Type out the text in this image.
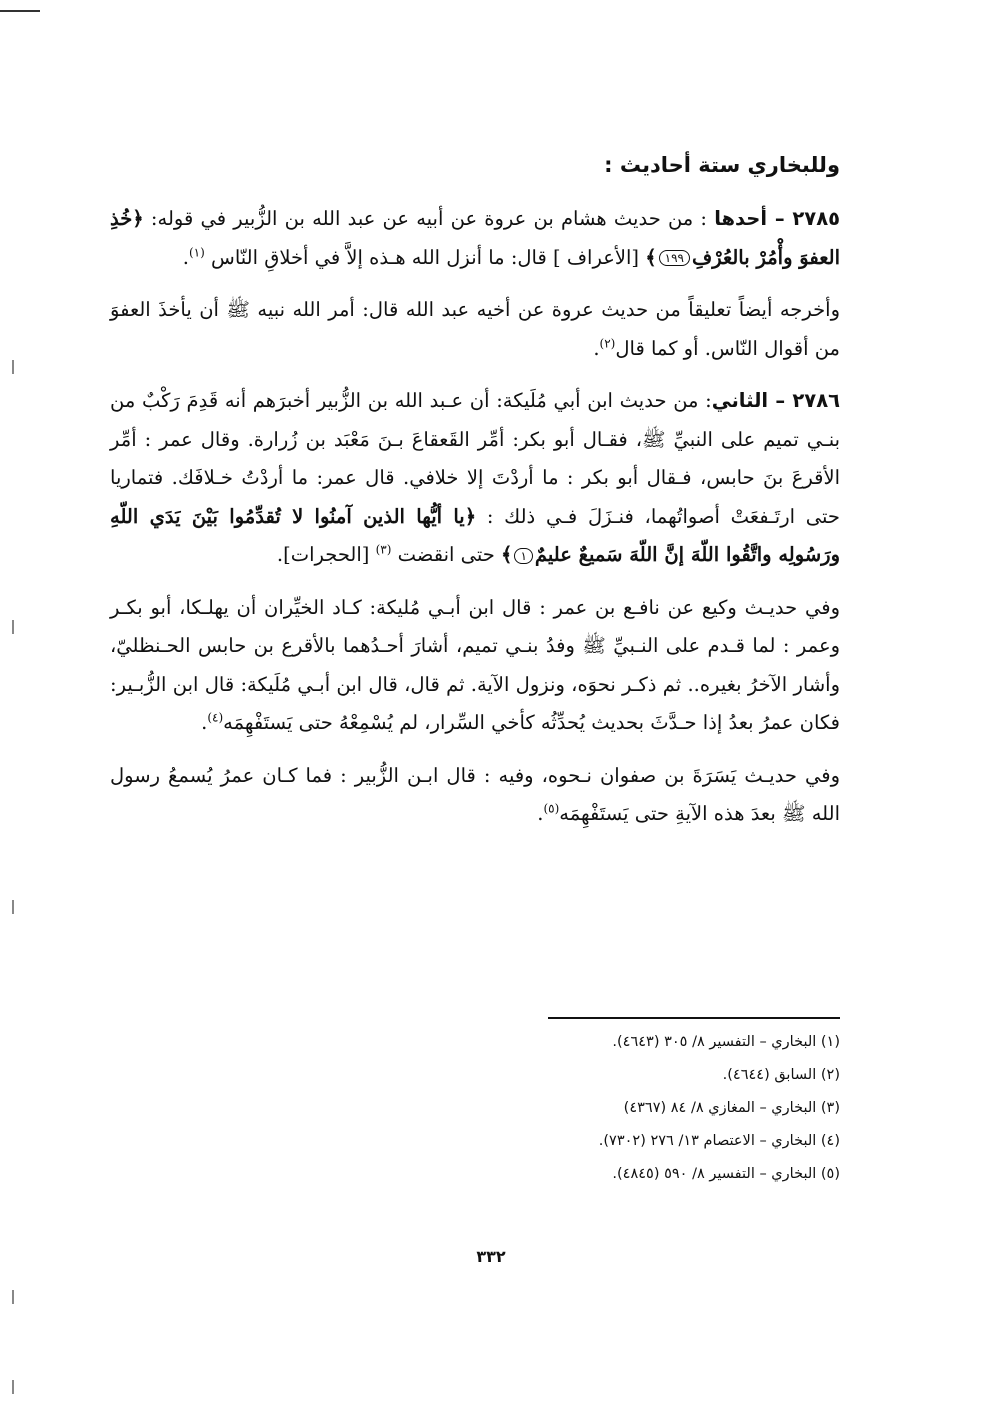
وللبخاري ستة أحاديث :

٢٧٨٥ – أحدها : من حديث هشام بن عروة عن أبيه عن عبد الله بن الزُّبير في قوله: ﴿خُذِ العفوَ وأْمُرْ بالعُرْفِ١٩٩﴾ [الأعراف ] قال: ما أنزل الله هـذه إلاَّ في أخلاقِ النّاس $^{(١)}$.

وأخرجه أيضاً تعليقاً من حديث عروة عن أخيه عبد الله قال: أمر الله نبيه ﷺ أن يأخذَ العفوَ من أقوال النّاس. أو كما قال$^{(٢)}$.

٢٧٨٦ – الثاني: من حديث ابن أبي مُلَيكة: أن عـبد الله بن الزُّبير أخبرَهم أنه قَدِمَ رَكْبٌ من بنـي تميم على النبيِّ ﷺ، فقـال أبو بكر: أمِّر القَعقاعَ بـنَ مَعْبَد بن زُرارة. وقال عمر : أمِّر الأقرعَ بنَ حابس، فـقال أبو بكر : ما أردْتَ إلا خلافي. قال عمر: ما أردْتُ خـلافَك. فتماريا حتى ارتَـفعَتْ أصواتُهما، فنـزَلَ فـي ذلك : ﴿يا أيُّها الذين آمنُوا لا تُقدِّمُوا بَيْنَ يَدَي اللّهِ ورَسُولِه واتَّقُوا اللّهَ إنَّ اللّهَ سَميعٌ عليمٌ١﴾ حتى انقضت $^{(٣)}$ [الحجرات].

وفي حديـث وكيع عن نافـع بن عمر : قال ابن أبـي مُليكة: كـاد الخيِّران أن يهلـكا، أبو بكـر وعمر : لما قـدم على النـبيِّ ﷺ وفدُ بنـي تميم، أشارَ أحـدُهما بالأقرع بن حابس الحـنظليّ، وأشار الآخرُ بغيره.. ثم ذكـر نحوَه، ونزول الآية. ثم قال، قال ابن أبـي مُلَيكة: قال ابن الزُّبـير: فكان عمرُ بعدُ إذا حـدَّثَ بحديث يُحدِّثُه كأخي السِّرار، لم يُسْمِعْهُ حتى يَستَفْهِمَه$^{(٤)}$.

وفي حديـث يَسَرَةَ بن صفوان نـحوه، وفيه : قال ابـن الزُّبير : فما كـان عمرُ يُسمعُ رسول الله ﷺ بعدَ هذه الآيةِ حتى يَستَفْهِمَه$^{(٥)}$.

(١) البخاري – التفسير ٨/ ٣٠٥ (٤٦٤٣).
(٢) السابق (٤٦٤٤).
(٣) البخاري – المغازي ٨/ ٨٤ (٤٣٦٧)
(٤) البخاري – الاعتصام ١٣/ ٢٧٦ (٧٣٠٢).
(٥) البخاري – التفسير ٨/ ٥٩٠ (٤٨٤٥).
٣٣٢
